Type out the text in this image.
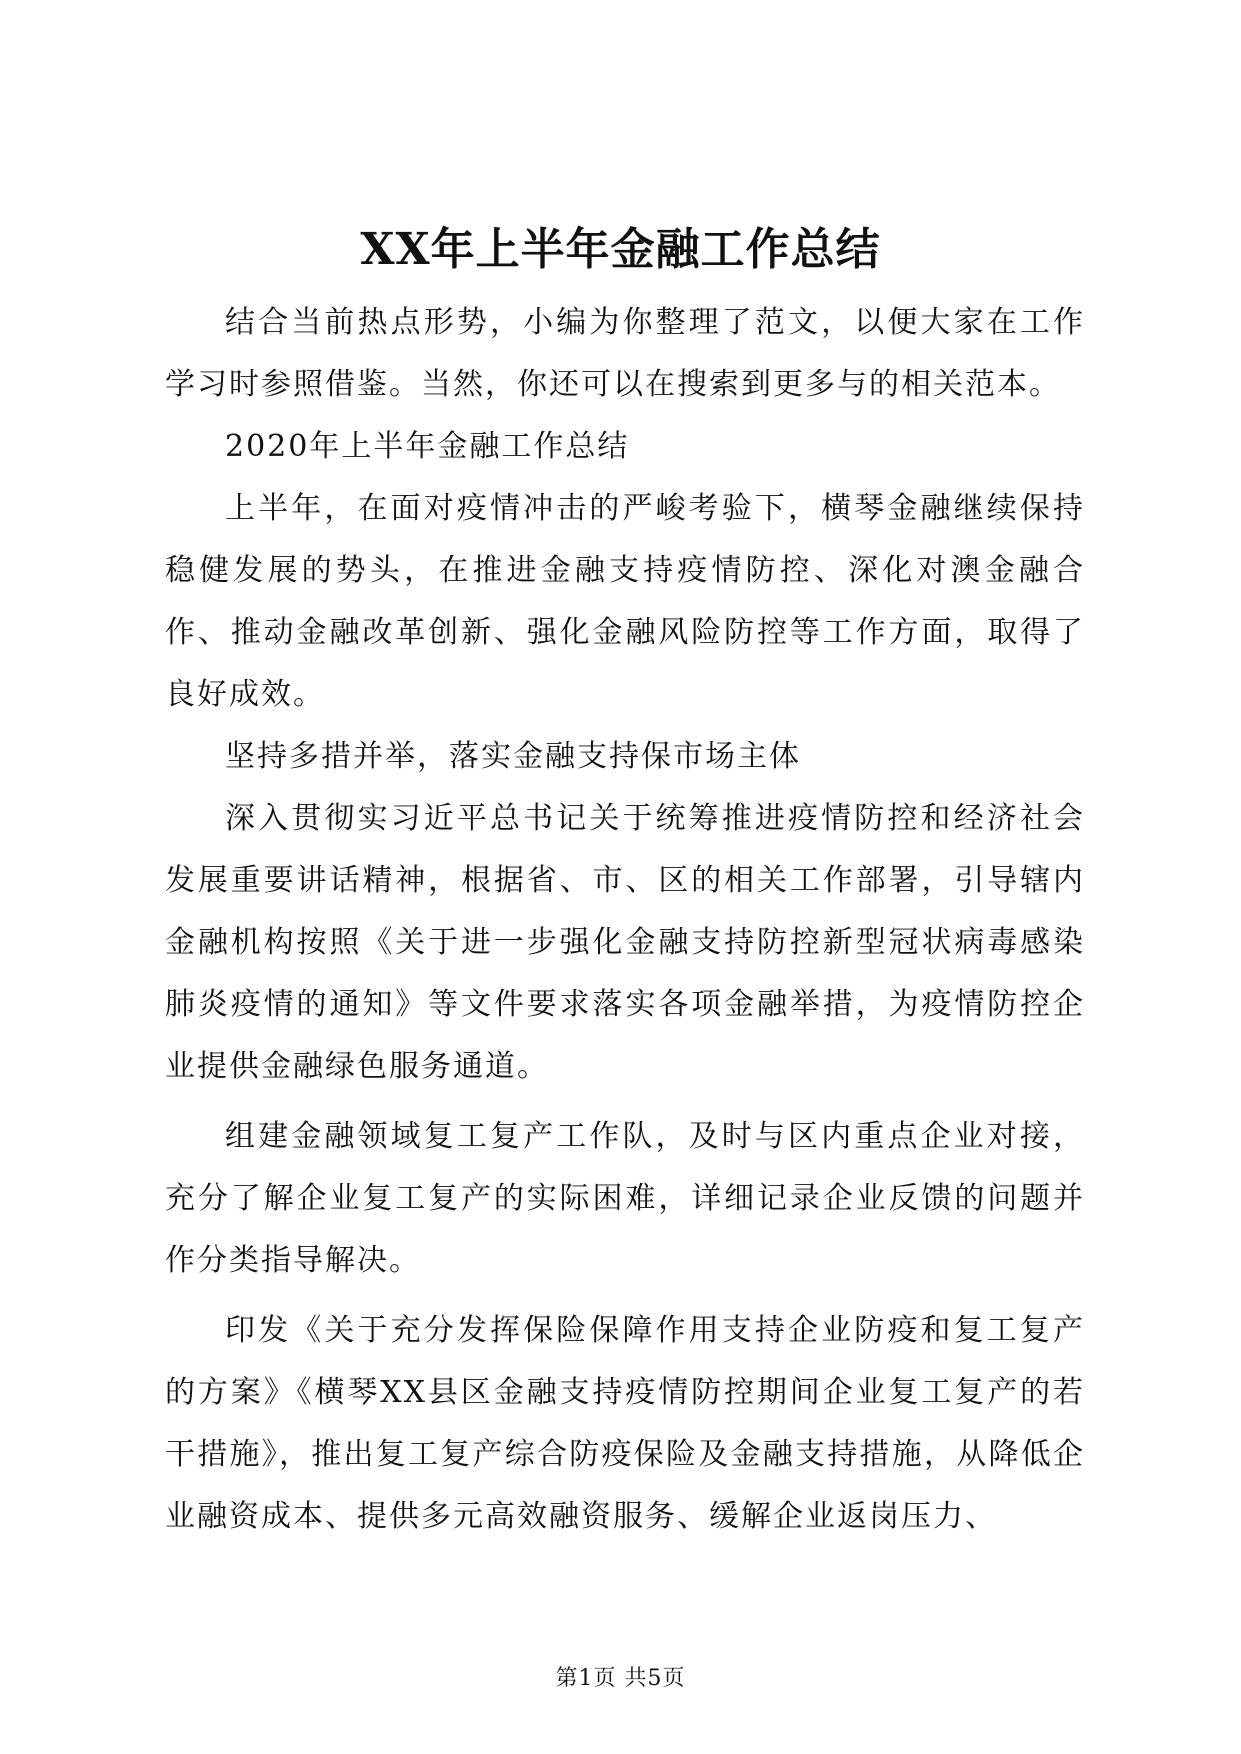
XX年上半年金融工作总结

结合当前热点形势，小编为你整理了范文，以便大家在工作学习时参照借鉴。当然，你还可以在搜索到更多与的相关范本。

2020年上半年金融工作总结

上半年，在面对疫情冲击的严峻考验下，横琴金融继续保持稳健发展的势头，在推进金融支持疫情防控、深化对澳金融合作、推动金融改革创新、强化金融风险防控等工作方面，取得了良好成效。

坚持多措并举，落实金融支持保市场主体

深入贯彻实习近平总书记关于统筹推进疫情防控和经济社会发展重要讲话精神，根据省、市、区的相关工作部署，引导辖内金融机构按照《关于进一步强化金融支持防控新型冠状病毒感染肺炎疫情的通知》等文件要求落实各项金融举措，为疫情防控企业提供金融绿色服务通道。

组建金融领域复工复产工作队，及时与区内重点企业对接，充分了解企业复工复产的实际困难，详细记录企业反馈的问题并作分类指导解决。

印发《关于充分发挥保险保障作用支持企业防疫和复工复产的方案》《横琴XX县区金融支持疫情防控期间企业复工复产的若干措施》，推出复工复产综合防疫保险及金融支持措施，从降低企业融资成本、提供多元高效融资服务、缓解企业返岗压力、

第1页 共5页
